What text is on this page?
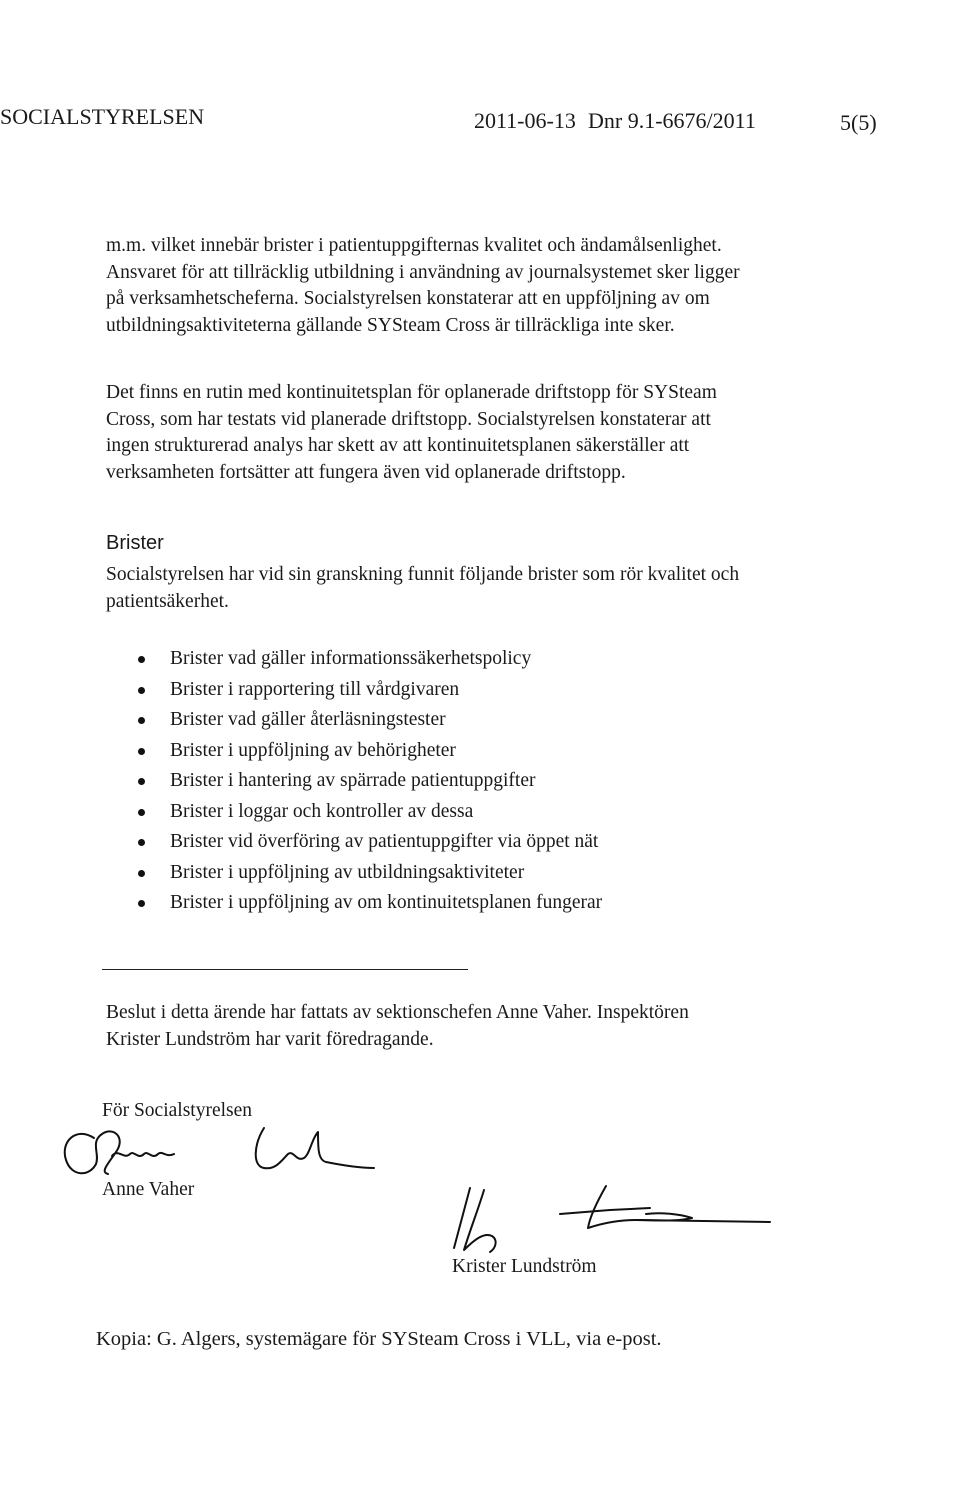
SOCIALSTYRELSEN	2011-06-13 Dnr 9.1-6676/2011	5(5)

m.m. vilket innebär brister i patientuppgifternas kvalitet och ändamålsenlighet. Ansvaret för att tillräcklig utbildning i användning av journalsystemet sker ligger på verksamhetscheferna. Socialstyrelsen konstaterar att en uppföljning av om utbildningsaktiviteterna gällande SYSteam Cross är tillräckliga inte sker.

Det finns en rutin med kontinuitetsplan för oplanerade driftstopp för SYSteam Cross, som har testats vid planerade driftstopp. Socialstyrelsen konstaterar att ingen strukturerad analys har skett av att kontinuitetsplanen säkerställer att verksamheten fortsätter att fungera även vid oplanerade driftstopp.

Brister

Socialstyrelsen har vid sin granskning funnit följande brister som rör kvalitet och patientsäkerhet.

Brister vad gäller informationssäkerhetspolicy
Brister i rapportering till vårdgivaren
Brister vad gäller återläsningstester
Brister i uppföljning av behörigheter
Brister i hantering av spärrade patientuppgifter
Brister i loggar och kontroller av dessa
Brister vid överföring av patientuppgifter via öppet nät
Brister i uppföljning av utbildningsaktiviteter
Brister i uppföljning av om kontinuitetsplanen fungerar

Beslut i detta ärende har fattats av sektionschefen Anne Vaher. Inspektören Krister Lundström har varit föredragande.

För Socialstyrelsen

Anne Vaher

Krister Lundström

Kopia: G. Algers, systemägare för SYSteam Cross i VLL, via e-post.
